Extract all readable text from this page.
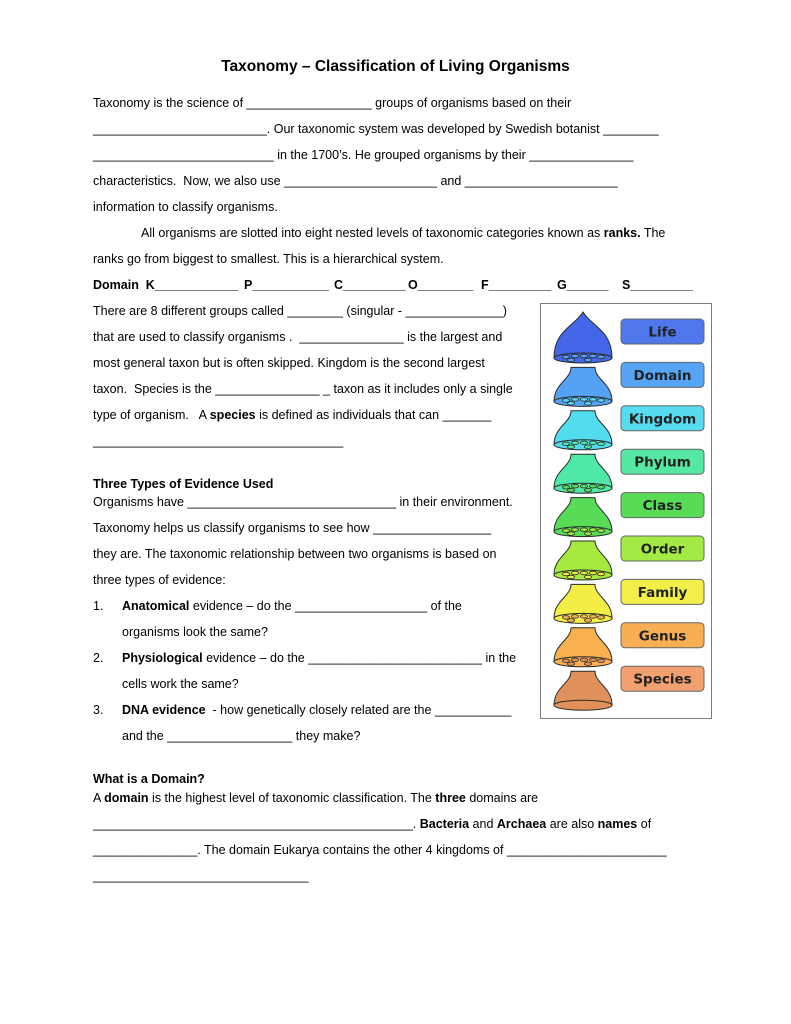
Taxonomy – Classification of Living Organisms
Taxonomy is the science of __________________ groups of organisms based on their
_________________________. Our taxonomic system was developed by Swedish botanist ________
__________________________ in the 1700’s. He grouped organisms by their _______________
characteristics.  Now, we also use ______________________ and ______________________
information to classify organisms.
All organisms are slotted into eight nested levels of taxonomic categories known as ranks. The
ranks go from biggest to smallest. This is a hierarchical system.
Domain  K____________ P___________ C_________ O________ F_________ G______ S_________
There are 8 different groups called ________ (singular - ______________)
that are used to classify organisms .  _______________ is the largest and
most general taxon but is often skipped. Kingdom is the second largest
taxon.  Species is the _______________ _ taxon as it includes only a single
type of organism.   A species is defined as individuals that can _______
____________________________________
Three Types of Evidence Used
Organisms have ______________________________ in their environment.
Taxonomy helps us classify organisms to see how _________________
they are. The taxonomic relationship between two organisms is based on
three types of evidence:
1. Anatomical evidence – do the ___________________ of the
organisms look the same?
2. Physiological evidence – do the _________________________ in the
cells work the same?
3. DNA evidence  - how genetically closely related are the ___________
and the __________________ they make?
What is a Domain?
A domain is the highest level of taxonomic classification. The three domains are
______________________________________________. Bacteria and Archaea are also names of
_______________. The domain Eukarya contains the other 4 kingdoms of _______________________
_______________________________
Life
Domain
Kingdom
Phylum
Class
Order
Family
Genus
Species
